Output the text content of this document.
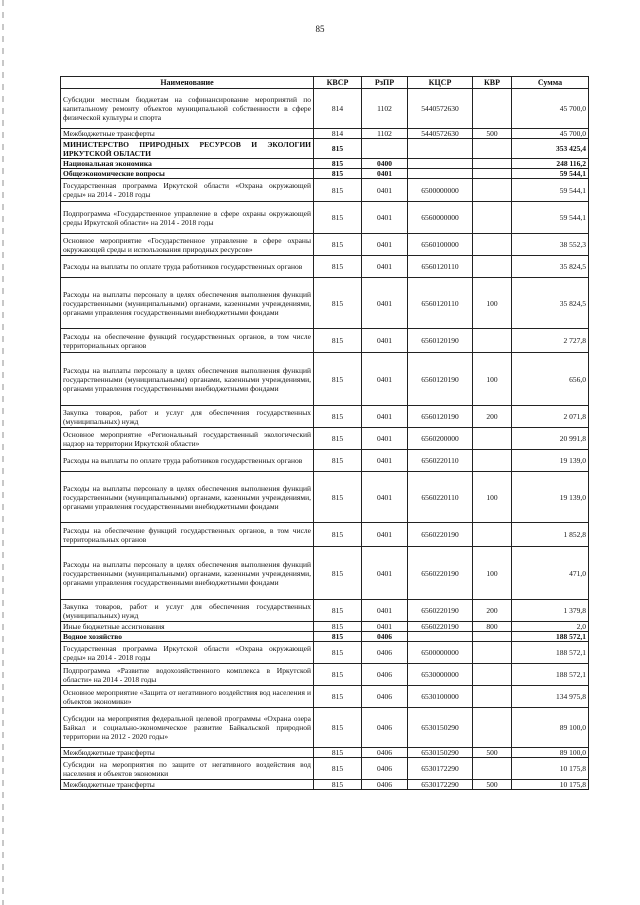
85
Наименование	КВСР	РзПР	КЦСР	КВР	Сумма
Субсидии местным бюджетам на софинансирование мероприятий по капитальному ремонту объектов муниципальной собственности в сфере физической культуры и спорта	814	1102	5440572630		45 700,0
Межбюджетные трансферты	814	1102	5440572630	500	45 700,0
МИНИСТЕРСТВО ПРИРОДНЫХ РЕСУРСОВ И ЭКОЛОГИИ ИРКУТСКОЙ ОБЛАСТИ	815				353 425,4
Национальная экономика	815	0400			248 116,2
Общеэкономические вопросы	815	0401			59 544,1
Государственная программа Иркутской области «Охрана окружающей среды» на 2014 - 2018 годы	815	0401	6500000000		59 544,1
Подпрограмма «Государственное управление в сфере охраны окружающей среды Иркутской области» на 2014 - 2018 годы	815	0401	6560000000		59 544,1
Основное мероприятие «Государственное управление в сфере охраны окружающей среды и использования природных ресурсов»	815	0401	6560100000		38 552,3
Расходы на выплаты по оплате труда работников государственных органов	815	0401	6560120110		35 824,5
Расходы на выплаты персоналу в целях обеспечения выполнения функций государственными (муниципальными) органами, казенными учреждениями, органами управления государственными внебюджетными фондами	815	0401	6560120110	100	35 824,5
Расходы на обеспечение функций государственных органов, в том числе территориальных органов	815	0401	6560120190		2 727,8
Расходы на выплаты персоналу в целях обеспечения выполнения функций государственными (муниципальными) органами, казенными учреждениями, органами управления государственными внебюджетными фондами	815	0401	6560120190	100	656,0
Закупка товаров, работ и услуг для обеспечения государственных (муниципальных) нужд	815	0401	6560120190	200	2 071,8
Основное мероприятие «Региональный государственный экологический надзор на территории Иркутской области»	815	0401	6560200000		20 991,8
Расходы на выплаты по оплате труда работников государственных органов	815	0401	6560220110		19 139,0
Расходы на выплаты персоналу в целях обеспечения выполнения функций государственными (муниципальными) органами, казенными учреждениями, органами управления государственными внебюджетными фондами	815	0401	6560220110	100	19 139,0
Расходы на обеспечение функций государственных органов, в том числе территориальных органов	815	0401	6560220190		1 852,8
Расходы на выплаты персоналу в целях обеспечения выполнения функций государственными (муниципальными) органами, казенными учреждениями, органами управления государственными внебюджетными фондами	815	0401	6560220190	100	471,0
Закупка товаров, работ и услуг для обеспечения государственных (муниципальных) нужд	815	0401	6560220190	200	1 379,8
Иные бюджетные ассигнования	815	0401	6560220190	800	2,0
Водное хозяйство	815	0406			188 572,1
Государственная программа Иркутской области «Охрана окружающей среды» на 2014 - 2018 годы	815	0406	6500000000		188 572,1
Подпрограмма «Развитие водохозяйственного комплекса в Иркутской области» на 2014 - 2018 годы	815	0406	6530000000		188 572,1
Основное мероприятие «Защита от негативного воздействия вод населения и объектов экономики»	815	0406	6530100000		134 975,8
Субсидии на мероприятия федеральной целевой программы «Охрана озера Байкал и социально-экономическое развитие Байкальской природной территории на 2012 - 2020 годы»	815	0406	6530150290		89 100,0
Межбюджетные трансферты	815	0406	6530150290	500	89 100,0
Субсидии на мероприятия по защите от негативного воздействия вод населения и объектов экономики	815	0406	6530172290		10 175,8
Межбюджетные трансферты	815	0406	6530172290	500	10 175,8
